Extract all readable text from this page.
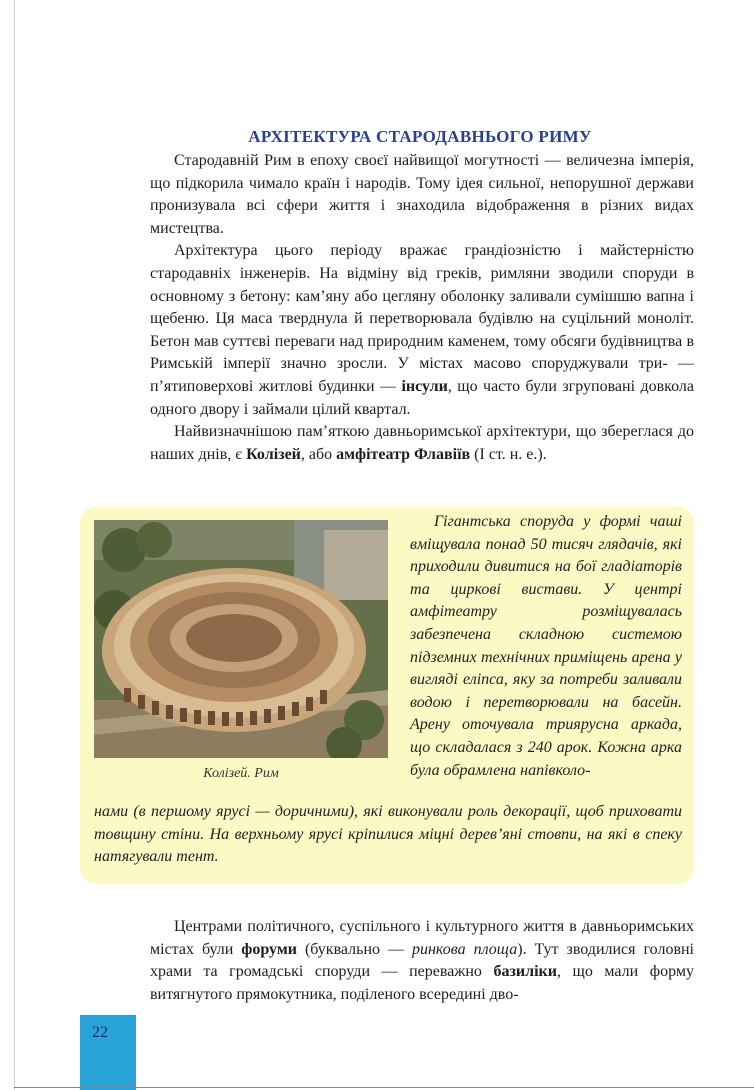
АРХІТЕКТУРА СТАРОДАВНЬОГО РИМУ

Стародавній Рим в епоху своєї найвищої могутності — величезна імперія, що підкорила чимало країн і народів. Тому ідея сильної, непорушної держави пронизувала всі сфери життя і знаходила відображення в різних видах мистецтва.

Архітектура цього періоду вражає грандіозністю і майстерністю стародавніх інженерів. На відміну від греків, римляни зводили споруди в основному з бетону: кам’яну або цегляну оболонку заливали сумішшю вапна і щебеню. Ця маса тверднула й перетворювала будівлю на суцільний моноліт. Бетон мав суттєві переваги над природним каменем, тому обсяги будівництва в Римській імперії значно зросли. У містах масово споруджували три- — п’ятиповерхові житлові будинки — інсули, що часто були згруповані довкола одного двору і займали цілий квартал.

Найвизначнішою пам’яткою давньоримської архітектури, що збереглася до наших днів, є Колізей, або амфітеатр Флавіїв (I ст. н. е.).

Колізей. Рим

Гігантська споруда у формі чаші вміщувала понад 50 тисяч глядачів, які приходили дивитися на бої гладіаторів та циркові вистави. У центрі амфітеатру розміщувалась забезпечена складною системою підземних технічних приміщень арена у вигляді еліпса, яку за потреби заливали водою і перетворювали на басейн. Арену оточувала триярусна аркада, що складалася з 240 арок. Кожна арка була обрамлена напівколо-

нами (в першому ярусі — доричними), які виконували роль декорації, щоб приховати товщину стіни. На верхньому ярусі кріпилися міцні дерев’яні стовпи, на які в спеку натягували тент.

Центрами політичного, суспільного і культурного життя в давньоримських містах були форуми (буквально — ринкова площа). Тут зводилися головні храми та громадські споруди — переважно базиліки, що мали форму витягнутого прямокутника, поділеного всередині дво-

22
